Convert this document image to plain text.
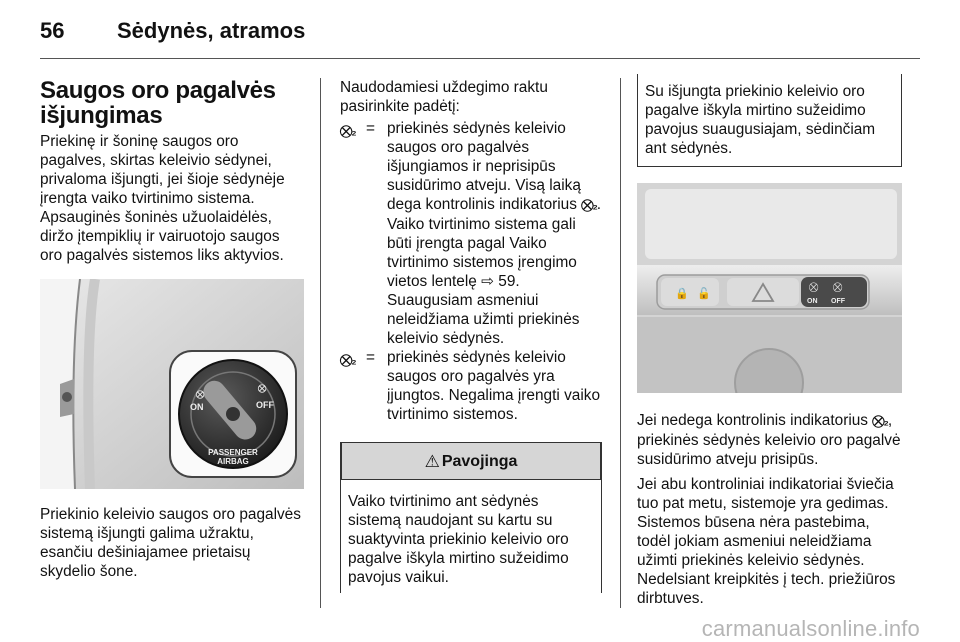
56 Sėdynės, atramos
Saugos oro pagalvės išjungimas

Priekinę ir šoninę saugos oro pagalves, skirtas keleivio sėdynei, privaloma išjungti, jei šioje sėdynėje įrengta vaiko tvirtinimo sistema. Apsauginės šoninės užuolaidėlės, diržo įtempiklių ir vairuotojo saugos oro pagalvės sistemos liks aktyvios.

⛒
⛒
ON	OFF
PASSENGER
AIRBAG

Priekinio keleivio saugos oro pagalvės sistemą išjungti galima užraktu, esančiu dešiniajamee prietaisų skydelio šone.

Naudodamiesi uždegimo raktu pasirinkite padėtį:

⛒₂ = priekinės sėdynės keleivio saugos oro pagalvės išjungiamos ir neprisipūs susidūrimo atveju. Visą laiką dega kontrolinis indikatorius ⛒₂. Vaiko tvirtinimo sistema gali būti įrengta pagal Vaiko tvirtinimo sistemos įrengimo vietos lentelę ⇨ 59.
Suaugusiam asmeniui neleidžiama užimti priekinės keleivio sėdynės.
⛒₂ = priekinės sėdynės keleivio saugos oro pagalvės yra įjungtos. Negalima įrengti vaiko tvirtinimo sistemos.
⚠ Pavojinga
Vaiko tvirtinimo ant sėdynės sistemą naudojant su kartu su suaktyvinta priekinio keleivio oro pagalve iškyla mirtino sužeidimo pavojus vaikui.
Su išjungta priekinio keleivio oro pagalve iškyla mirtino sužeidimo pavojus suaugusiajam, sėdinčiam ant sėdynės.
🔒 🔓
⛒ ⛒
ON OFF

Jei nedega kontrolinis indikatorius ⛒₂, priekinės sėdynės keleivio oro pagalvė susidūrimo atveju prisipūs.

Jei abu kontroliniai indikatoriai šviečia tuo pat metu, sistemoje yra gedimas. Sistemos būsena nėra pastebima, todėl jokiam asmeniui neleidžiama užimti priekinės keleivio sėdynės. Nedelsiant kreipkitės į tech. priežiūros dirbtuves.

carmanualsonline.info
